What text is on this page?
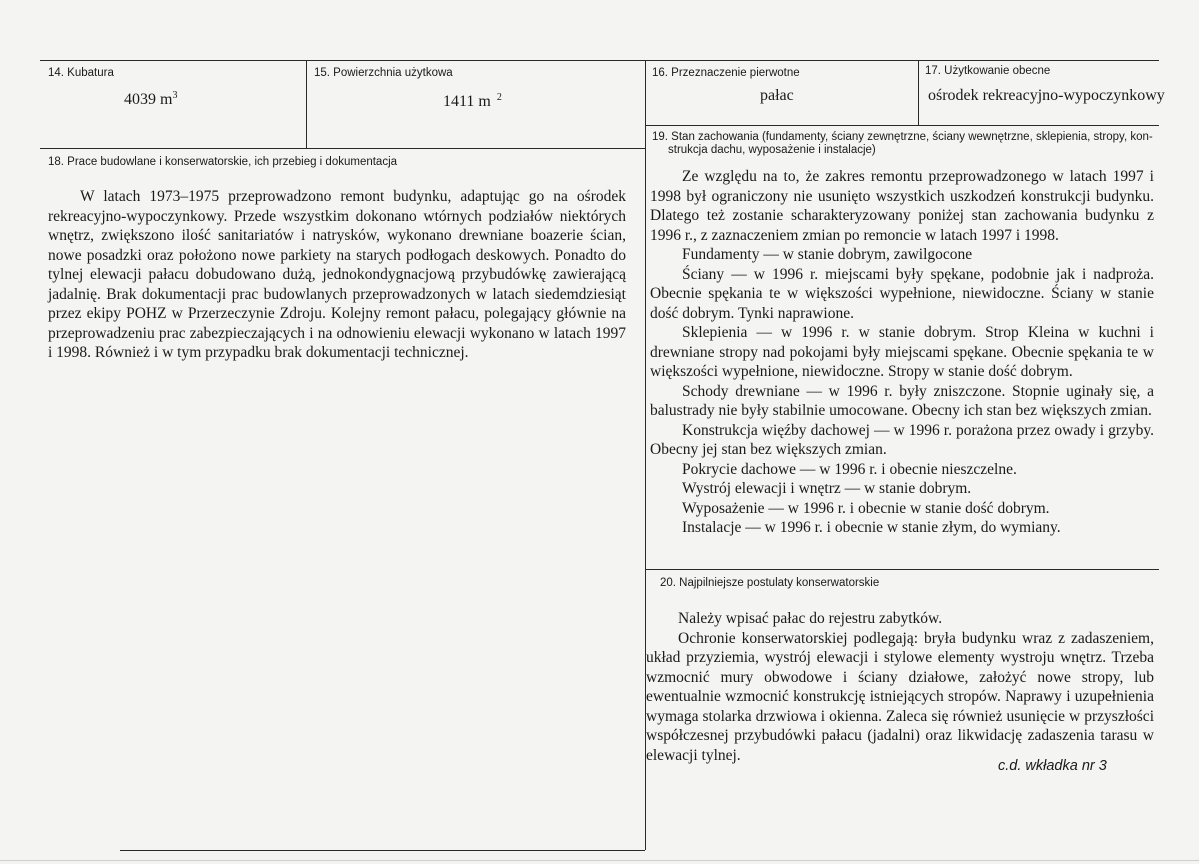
14. Kubatura
4039 $m^3$
15. Powierzchnia użytkowa
1411 m $^2$
16. Przeznaczenie pierwotne
pałac
17. Użytkowanie obecne
ośrodek rekreacyjno-wypoczynkowy
18. Prace budowlane i konserwatorskie, ich przebieg i dokumentacja

W latach 1973–1975 przeprowadzono remont budynku, adaptując go na ośrodek rekreacyjno-wypoczynkowy. Przede wszystkim dokonano wtórnych podziałów niektórych wnętrz, zwiększono ilość sanitariatów i natrysków, wykonano drewniane boazerie ścian, nowe posadzki oraz położono nowe parkiety na starych podłogach deskowych. Ponadto do tylnej elewacji pałacu dobudowano dużą, jednokondygnacjową przybudówkę zawierającą jadalnię. Brak dokumentacji prac budowlanych przeprowadzonych w latach siedemdziesiąt przez ekipy POHZ w Przerzeczynie Zdroju. Kolejny remont pałacu, polegający głównie na przeprowadzeniu prac zabezpieczających i na odnowieniu elewacji wykonano w latach 1997 i 1998. Również i w tym przypadku brak dokumentacji technicznej.

19. Stan zachowania (fundamenty, ściany zewnętrzne, ściany wewnętrzne, sklepienia, stropy, kon-
strukcja dachu, wyposażenie i instalacje)

Ze względu na to, że zakres remontu przeprowadzonego w latach 1997 i 1998 był ograniczony nie usunięto wszystkich uszkodzeń konstrukcji budynku. Dlatego też zostanie scharakteryzowany poniżej stan zachowania budynku z 1996 r., z zaznaczeniem zmian po remoncie w latach 1997 i 1998.

Fundamenty — w stanie dobrym, zawilgocone

Ściany — w 1996 r. miejscami były spękane, podobnie jak i nadproża. Obecnie spękania te w większości wypełnione, niewidoczne. Ściany w stanie dość dobrym. Tynki naprawione.

Sklepienia — w 1996 r. w stanie dobrym. Strop Kleina w kuchni i drewniane stropy nad pokojami były miejscami spękane. Obecnie spękania te w większości wypełnione, niewidoczne. Stropy w stanie dość dobrym.

Schody drewniane — w 1996 r. były zniszczone. Stopnie uginały się, a balustrady nie były stabilnie umocowane. Obecny ich stan bez większych zmian.

Konstrukcja więźby dachowej — w 1996 r. porażona przez owady i grzyby. Obecny jej stan bez większych zmian.

Pokrycie dachowe — w 1996 r. i obecnie nieszczelne.

Wystrój elewacji i wnętrz — w stanie dobrym.

Wyposażenie — w 1996 r. i obecnie w stanie dość dobrym.

Instalacje — w 1996 r. i obecnie w stanie złym, do wymiany.

20. Najpilniejsze postulaty konserwatorskie

Należy wpisać pałac do rejestru zabytków.

Ochronie konserwatorskiej podlegają: bryła budynku wraz z zadaszeniem, układ przyziemia, wystrój elewacji i stylowe elementy wystroju wnętrz. Trzeba wzmocnić mury obwodowe i ściany działowe, założyć nowe stropy, lub ewentualnie wzmocnić konstrukcję istniejących stropów. Naprawy i uzupełnienia wymaga stolarka drzwiowa i okienna. Zaleca się również usunięcie w przyszłości współczesnej przybudówki pałacu (jadalni) oraz likwidację zadaszenia tarasu w elewacji tylnej.

c.d. wkładka nr 3
